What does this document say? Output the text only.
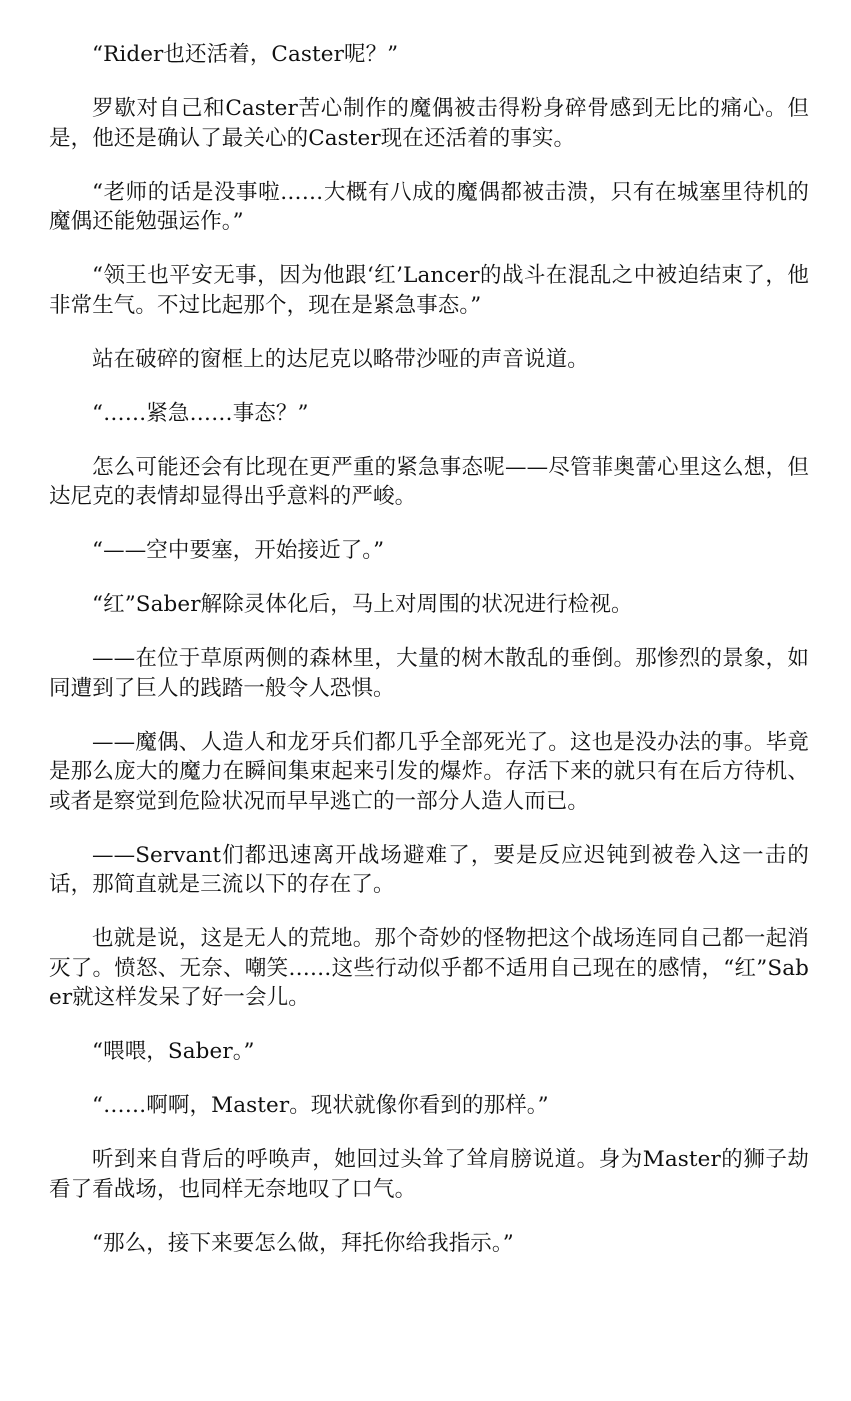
“Rider也还活着，Caster呢？”

罗歇对自己和Caster苦心制作的魔偶被击得粉身碎骨感到无比的痛心。但是，他还是确认了最关心的Caster现在还活着的事实。

“老师的话是没事啦……大概有八成的魔偶都被击溃，只有在城塞里待机的魔偶还能勉强运作。”

“领王也平安无事，因为他跟‘红’Lancer的战斗在混乱之中被迫结束了，他非常生气。不过比起那个，现在是紧急事态。”

站在破碎的窗框上的达尼克以略带沙哑的声音说道。

“……紧急……事态？”

怎么可能还会有比现在更严重的紧急事态呢——尽管菲奥蕾心里这么想，但达尼克的表情却显得出乎意料的严峻。

“——空中要塞，开始接近了。”

“红”Saber解除灵体化后，马上对周围的状况进行检视。

——在位于草原两侧的森林里，大量的树木散乱的垂倒。那惨烈的景象，如同遭到了巨人的践踏一般令人恐惧。

——魔偶、人造人和龙牙兵们都几乎全部死光了。这也是没办法的事。毕竟是那么庞大的魔力在瞬间集束起来引发的爆炸。存活下来的就只有在后方待机、或者是察觉到危险状况而早早逃亡的一部分人造人而已。

——Servant们都迅速离开战场避难了，要是反应迟钝到被卷入这一击的话，那简直就是三流以下的存在了。

也就是说，这是无人的荒地。那个奇妙的怪物把这个战场连同自己都一起消灭了。愤怒、无奈、嘲笑……这些行动似乎都不适用自己现在的感情，“红”Saber就这样发呆了好一会儿。

“喂喂，Saber。”

“……啊啊，Master。现状就像你看到的那样。”

听到来自背后的呼唤声，她回过头耸了耸肩膀说道。身为Master的狮子劫看了看战场，也同样无奈地叹了口气。

“那么，接下来要怎么做，拜托你给我指示。”
